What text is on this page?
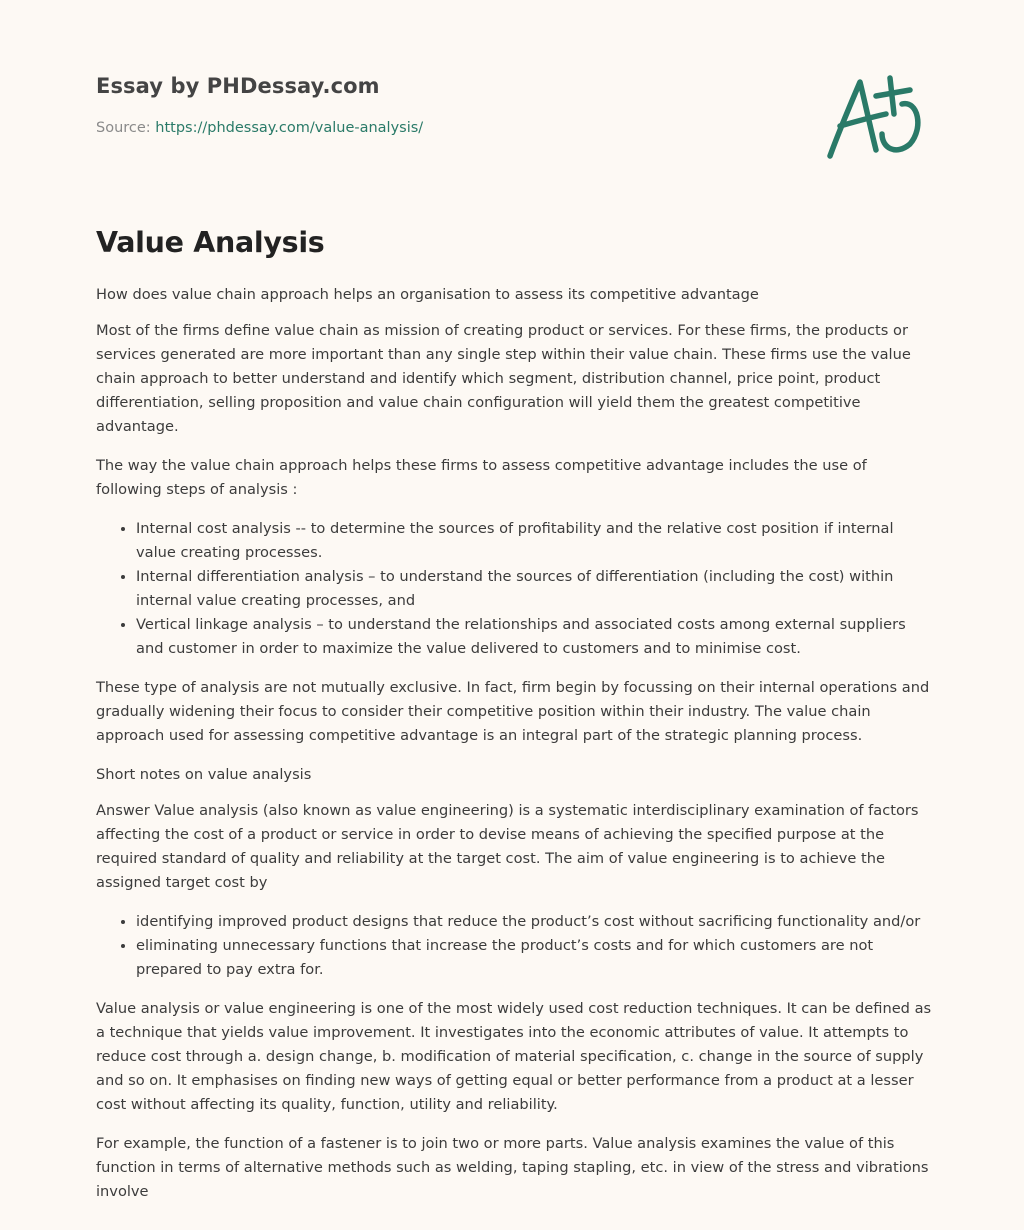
Essay by PHDessay.com
Source: https://phdessay.com/value-analysis/
Value Analysis

How does value chain approach helps an organisation to assess its competitive advantage

Most of the firms define value chain as mission of creating product or services. For these firms, the products or services generated are more important than any single step within their value chain. These firms use the value chain approach to better understand and identify which segment, distribution channel, price point, product differentiation, selling proposition and value chain configuration will yield them the greatest competitive advantage.

The way the value chain approach helps these firms to assess competitive advantage includes the use of following steps of analysis :

• Internal cost analysis -- to determine the sources of profitability and the relative cost position if internal value creating processes.
• Internal differentiation analysis – to understand the sources of differentiation (including the cost) within internal value creating processes, and
• Vertical linkage analysis – to understand the relationships and associated costs among external suppliers and customer in order to maximize the value delivered to customers and to minimise cost.

These type of analysis are not mutually exclusive. In fact, firm begin by focussing on their internal operations and gradually widening their focus to consider their competitive position within their industry. The value chain approach used for assessing competitive advantage is an integral part of the strategic planning process.

Short notes on value analysis

Answer Value analysis (also known as value engineering) is a systematic interdisciplinary examination of factors affecting the cost of a product or service in order to devise means of achieving the specified purpose at the required standard of quality and reliability at the target cost. The aim of value engineering is to achieve the assigned target cost by

• identifying improved product designs that reduce the product’s cost without sacrificing functionality and/or
• eliminating unnecessary functions that increase the product’s costs and for which customers are not prepared to pay extra for.

Value analysis or value engineering is one of the most widely used cost reduction techniques. It can be defined as a technique that yields value improvement. It investigates into the economic attributes of value. It attempts to reduce cost through a. design change, b. modification of material specification, c. change in the source of supply and so on. It emphasises on finding new ways of getting equal or better performance from a product at a lesser cost without affecting its quality, function, utility and reliability.

For example, the function of a fastener is to join two or more parts. Value analysis examines the value of this function in terms of alternative methods such as welding, taping stapling, etc. in view of the stress and vibrations involve
